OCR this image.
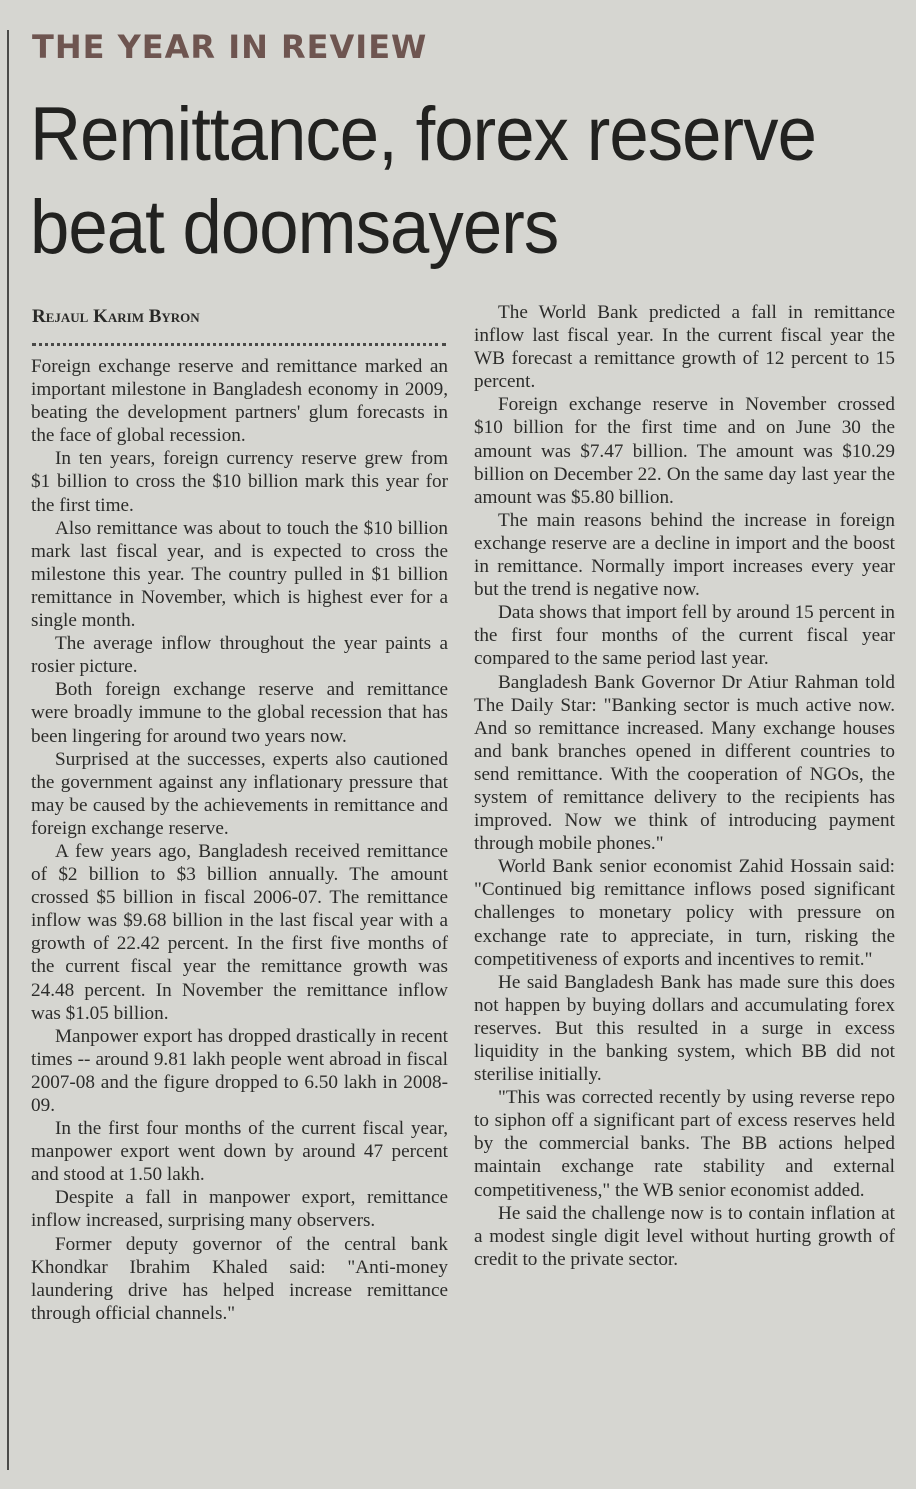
THE YEAR IN REVIEW
Remittance, forex reserve
beat doomsayers
Rejaul Karim Byron

Foreign exchange reserve and remittance marked an important milestone in Bangladesh economy in 2009, beating the development partners' glum forecasts in the face of global recession.

In ten years, foreign currency reserve grew from $1 billion to cross the $10 billion mark this year for the first time.

Also remittance was about to touch the $10 billion mark last fiscal year, and is expected to cross the milestone this year. The country pulled in $1 billion remittance in November, which is highest ever for a single month.

The average inflow throughout the year paints a rosier picture.

Both foreign exchange reserve and remittance were broadly immune to the global recession that has been lingering for around two years now.

Surprised at the successes, experts also cautioned the government against any inflationary pressure that may be caused by the achievements in remittance and foreign exchange reserve.

A few years ago, Bangladesh received remittance of $2 billion to $3 billion annually. The amount crossed $5 billion in fiscal 2006-07. The remittance inflow was $9.68 billion in the last fiscal year with a growth of 22.42 percent. In the first five months of the current fiscal year the remittance growth was 24.48 percent. In November the remittance inflow was $1.05 billion.

Manpower export has dropped drastically in recent times -- around 9.81 lakh people went abroad in fiscal 2007-08 and the figure dropped to 6.50 lakh in 2008-09.

In the first four months of the current fiscal year, manpower export went down by around 47 percent and stood at 1.50 lakh.

Despite a fall in manpower export, remittance inflow increased, surprising many observers.

Former deputy governor of the central bank Khondkar Ibrahim Khaled said: "Anti-money laundering drive has helped increase remittance through official channels."

The World Bank predicted a fall in remittance inflow last fiscal year. In the current fiscal year the WB forecast a remittance growth of 12 percent to 15 percent.

Foreign exchange reserve in November crossed $10 billion for the first time and on June 30 the amount was $7.47 billion. The amount was $10.29 billion on December 22. On the same day last year the amount was $5.80 billion.

The main reasons behind the increase in foreign exchange reserve are a decline in import and the boost in remittance. Normally import increases every year but the trend is negative now.

Data shows that import fell by around 15 percent in the first four months of the current fiscal year compared to the same period last year.

Bangladesh Bank Governor Dr Atiur Rahman told The Daily Star: "Banking sector is much active now. And so remittance increased. Many exchange houses and bank branches opened in different countries to send remittance. With the cooperation of NGOs, the system of remittance delivery to the recipients has improved. Now we think of introducing payment through mobile phones."

World Bank senior economist Zahid Hossain said: "Continued big remittance inflows posed significant challenges to monetary policy with pressure on exchange rate to appreciate, in turn, risking the competitiveness of exports and incentives to remit."

He said Bangladesh Bank has made sure this does not happen by buying dollars and accumulating forex reserves. But this resulted in a surge in excess liquidity in the banking system, which BB did not sterilise initially.

"This was corrected recently by using reverse repo to siphon off a significant part of excess reserves held by the commercial banks. The BB actions helped maintain exchange rate stability and external competitiveness," the WB senior economist added.

He said the challenge now is to contain inflation at a modest single digit level without hurting growth of credit to the private sector.
